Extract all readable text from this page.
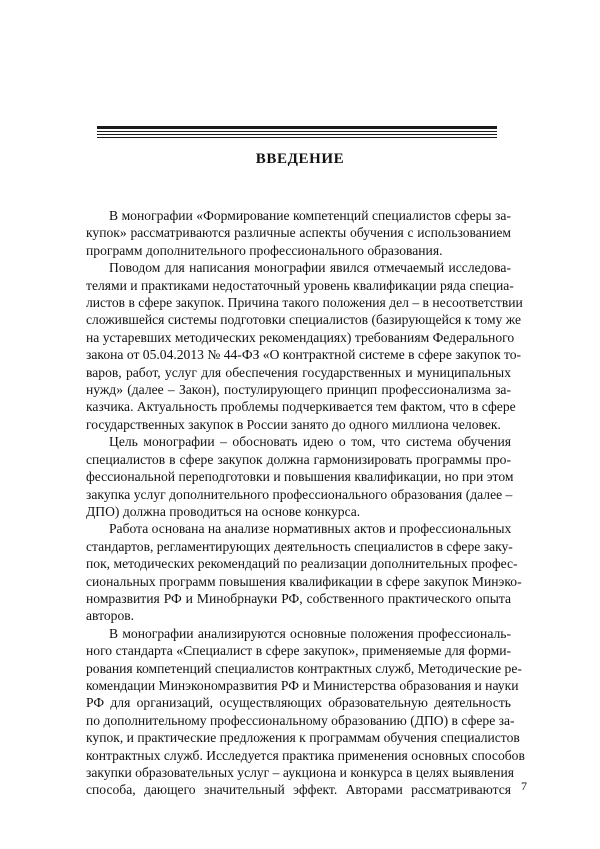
ВВЕДЕНИЕ
В монографии «Формирование компетенций специалистов сферы за-
купок» рассматриваются различные аспекты обучения с использованием
программ дополнительного профессионального образования.
Поводом для написания монографии явился отмечаемый исследова-
телями и практиками недостаточный уровень квалификации ряда специа-
листов в сфере закупок. Причина такого положения дел – в несоответствии
сложившейся системы подготовки специалистов (базирующейся к тому же
на устаревших методических рекомендациях) требованиям Федерального
закона от 05.04.2013 № 44-ФЗ «О контрактной системе в сфере закупок то-
варов, работ, услуг для обеспечения государственных и муниципальных
нужд» (далее – Закон), постулирующего принцип профессионализма за-
казчика. Актуальность проблемы подчеркивается тем фактом, что в сфере
государственных закупок в России занято до одного миллиона человек.
Цель монографии – обосновать идею о том, что система обучения
специалистов в сфере закупок должна гармонизировать программы про-
фессиональной переподготовки и повышения квалификации, но при этом
закупка услуг дополнительного профессионального образования (далее –
ДПО) должна проводиться на основе конкурса.
Работа основана на анализе нормативных актов и профессиональных
стандартов, регламентирующих деятельность специалистов в сфере заку-
пок, методических рекомендаций по реализации дополнительных профес-
сиональных программ повышения квалификации в сфере закупок Минэко-
номразвития РФ и Минобрнауки РФ, собственного практического опыта
авторов.
В монографии анализируются основные положения профессиональ-
ного стандарта «Специалист в сфере закупок», применяемые для форми-
рования компетенций специалистов контрактных служб, Методические ре-
комендации Минэкономразвития РФ и Министерства образования и науки
РФ для организаций, осуществляющих образовательную деятельность
по дополнительному профессиональному образованию (ДПО) в сфере за-
купок, и практические предложения к программам обучения специалистов
контрактных служб. Исследуется практика применения основных способов
закупки образовательных услуг – аукциона и конкурса в целях выявления
способа, дающего значительный эффект. Авторами рассматриваются 7
